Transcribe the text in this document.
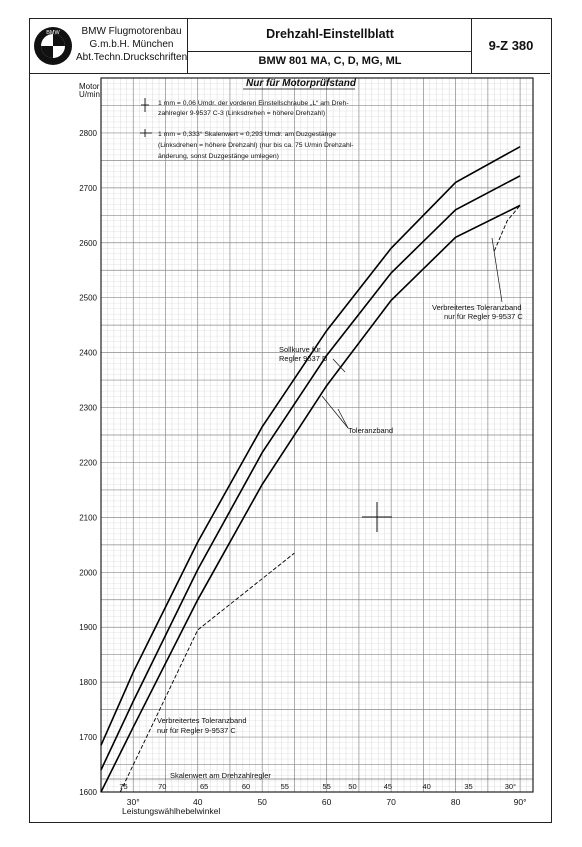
BMW	BMW Flugmotorenbau
G.m.b.H. München
Abt.Techn.Druckschriften
Drehzahl-Einstellblatt
BMW 801 MA, C, D, MG, ML
9-Z 380
Motor
U/min
1600
1700
1800
1900
2000
2100
2200
2300
2400
2500
2600
2700
2800
30°	40	50	60	70	80	90°
75	70	65	60	55	55 50	45	40	35	30°
Leistungswählhebelwinkel
Skalenwert am Drehzahlregler
Nur für Motorprüfstand
1 mm = 0,06 Umdr. der vorderen Einstellschraube „L“ am Dreh-
zahlregler 9-9537 C-3 (Linksdrehen = höhere Drehzahl)
1 mm = 0,333° Skalenwert = 0,293 Umdr. am Duzgestänge
(Linksdrehen = höhere Drehzahl) (nur bis ca. 75 U/min Drehzahl-
änderung, sonst Duzgestänge umlegen)
Sollkurve für
Regler 9537 D
Toleranzband
Verbreitertes Toleranzband
nur für Regler 9-9537 C
Verbreitertes Toleranzband
nur für Regler 9-9537 C
